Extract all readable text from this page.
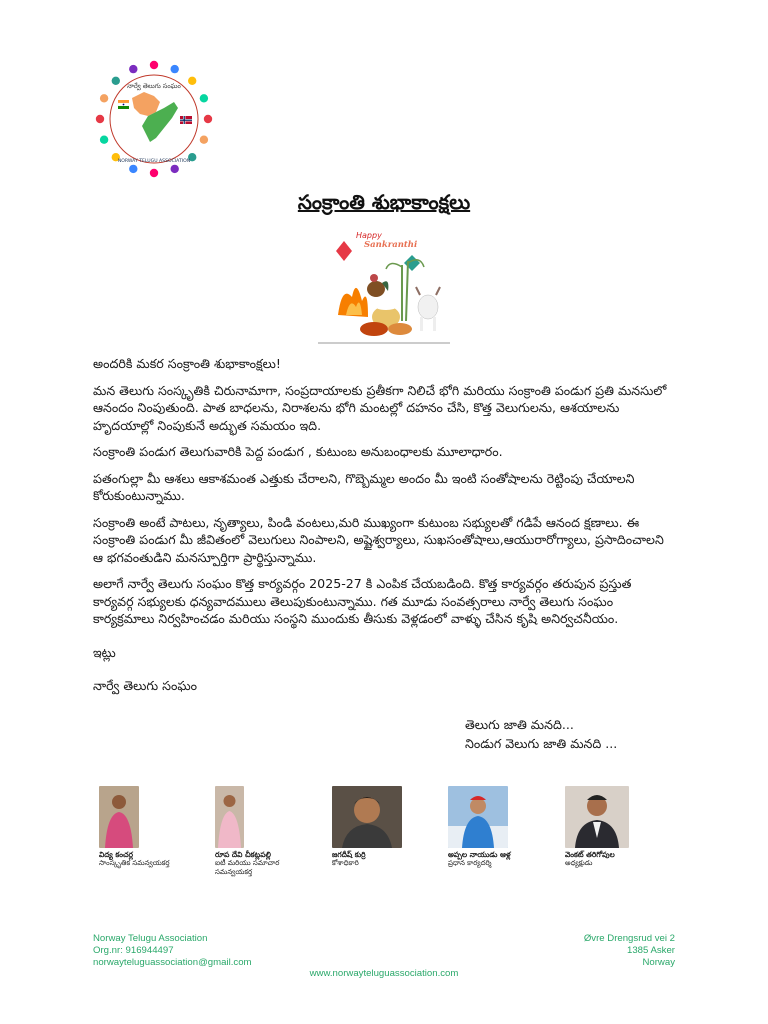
నార్వే తెలుగు సంఘం
NORWAY TELUGU ASSOCIATION
సంక్రాంతి శుభాకాంక్షలు
Happy
Sankranthi

అందరికి మకర సంక్రాంతి శుభాకాంక్షలు!

మన తెలుగు సంస్కృతికి చిరునామాగా, సంప్రదాయాలకు ప్రతీకగా నిలిచే భోగి మరియు సంక్రాంతి పండుగ ప్రతి మనసులో ఆనందం నింపుతుంది. పాత బాధలను, నిరాశలను భోగి మంటల్లో దహనం చేసి, కొత్త వెలుగులను, ఆశయాలను హృదయాల్లో నింపుకునే అద్భుత సమయం ఇది.

సంక్రాంతి పండుగ తెలుగువారికి పెద్ద పండుగ , కుటుంబ అనుబంధాలకు మూలాధారం.

పతంగుల్లా మీ ఆశలు ఆకాశమంత ఎత్తుకు చేరాలని, గొబ్బెమ్మల అందం మీ ఇంటి సంతోషాలను రెట్టింపు చేయాలని కోరుకుంటున్నాము.

సంక్రాంతి అంటే పాటలు, నృత్యాలు, పిండి వంటలు,మరి ముఖ్యంగా కుటుంబ సభ్యులతో గడిపే ఆనంద క్షణాలు. ఈ సంక్రాంతి పండుగ మీ జీవితంలో వెలుగులు నింపాలని, అష్టైశ్వర్యాలు, సుఖసంతోషాలు,ఆయురారోగ్యాలు, ప్రసాదించాలని ఆ భగవంతుడిని మనస్పూర్తిగా ప్రార్థిస్తున్నాము.

అలాగే నార్వే తెలుగు సంఘం కొత్త కార్యవర్గం 2025-27 కి ఎంపిక చేయబడింది. కొత్త కార్యవర్గం తరుపున ప్రస్తుత కార్యవర్గ సభ్యులకు ధన్యవాదములు తెలుపుకుంటున్నాము. గత మూడు సంవత్సరాలు నార్వే తెలుగు సంఘం కార్యక్రమాలు నిర్వహించడం మరియు సంస్థని ముందుకు తీసుకు వెళ్లడంలో వాళ్ళు చేసిన కృషి అనిర్వచనీయం.

ఇట్లు

నార్వే తెలుగు సంఘం

తెలుగు జాతి మనది...
నిండుగ వెలుగు జాతి మనది ...
విద్య కంచర్ల
సాంస్కృతిక సమన్వయకర్త
రూప దేవి చీకట్లపల్లి
ఐటీ మరియు సమాచార సమన్వయకర్త
జగదీష్ కుర్రి
కోశాధికారి
అప్పల నాయుడు ఆళ్ల
ప్రధాన కార్యదర్శి
వెంకట్ తరిగోపుల
అధ్యక్షుడు
Norway Telugu Association
Org.nr: 916944497
norwayteluguassociation@gmail.com
Øvre Drengsrud vei 2
1385 Asker
Norway
www.norwayteluguassociation.com
